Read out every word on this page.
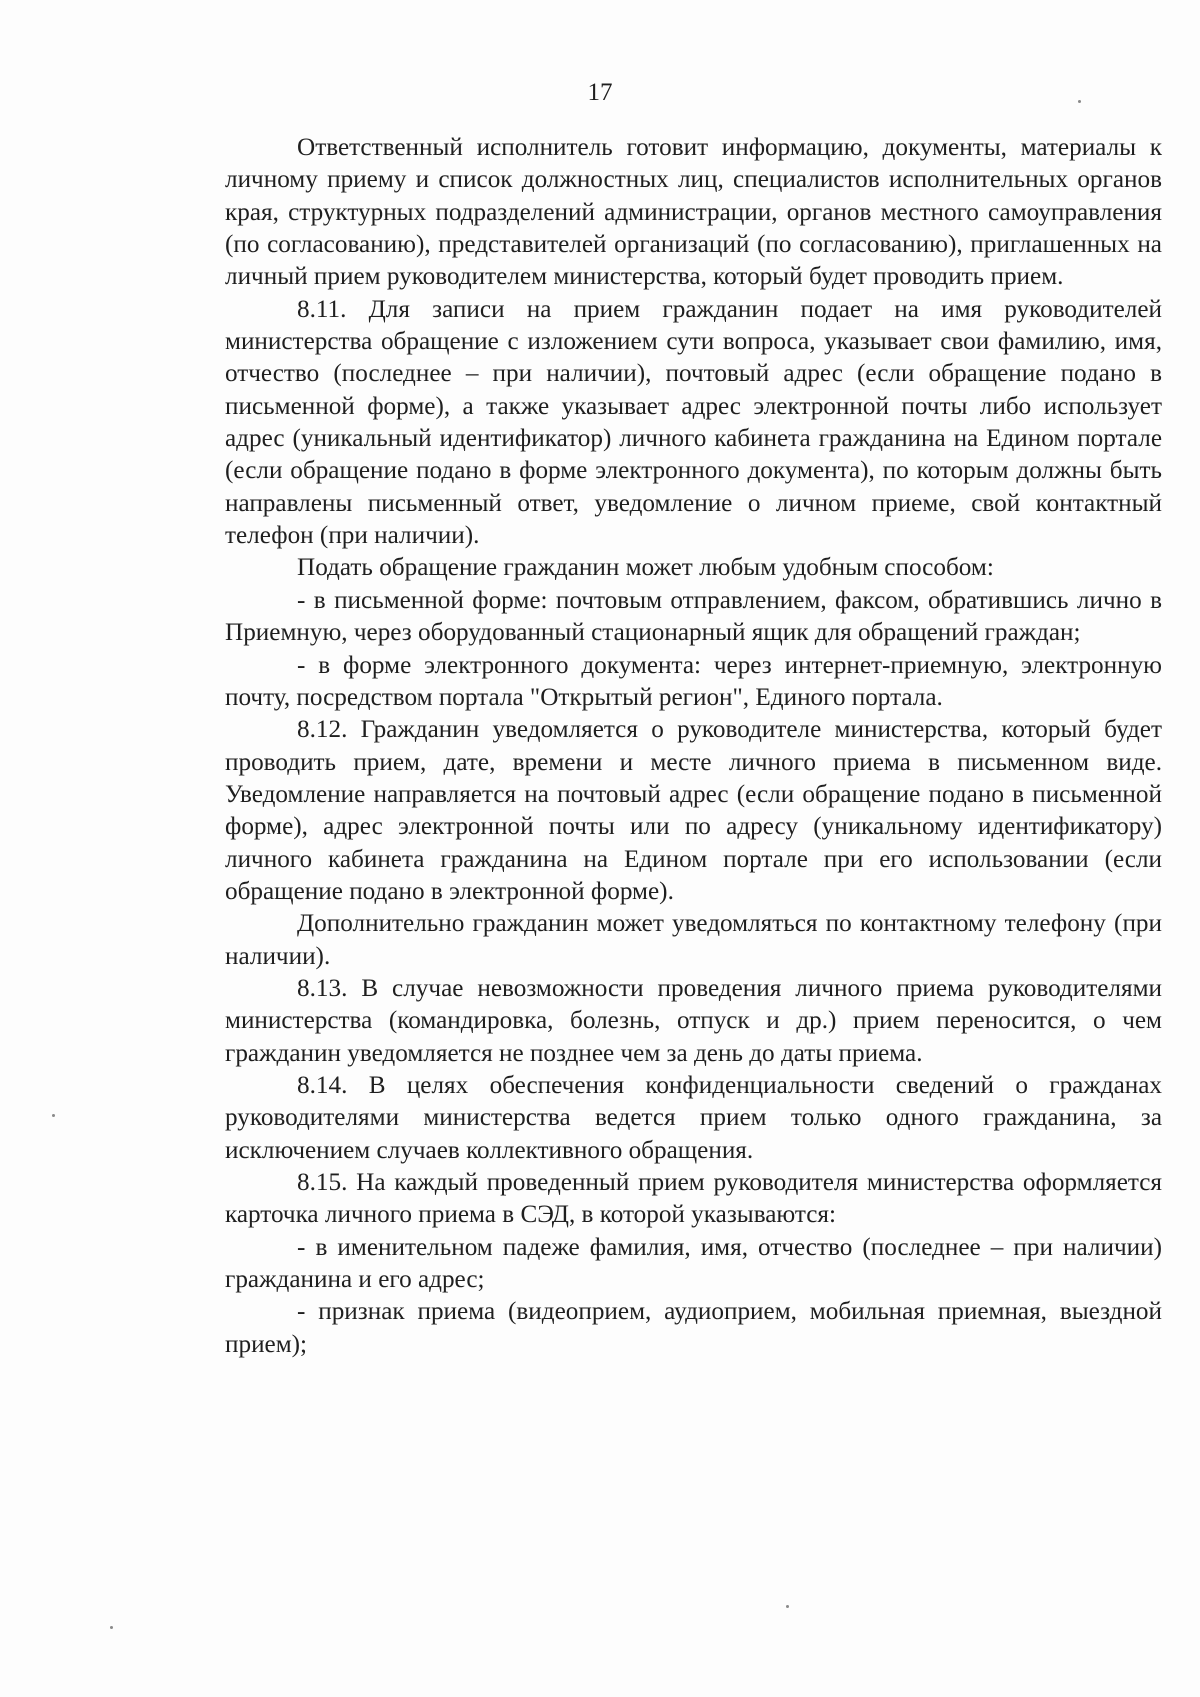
17

Ответственный исполнитель готовит информацию, документы, материалы к личному приему и список должностных лиц, специалистов исполнительных органов края, структурных подразделений администрации, органов местного самоуправления (по согласованию), представителей организаций (по согласованию), приглашенных на личный прием руководителем министерства, который будет проводить прием.

8.11. Для записи на прием гражданин подает на имя руководителей министерства обращение с изложением сути вопроса, указывает свои фамилию, имя, отчество (последнее – при наличии), почтовый адрес (если обращение подано в письменной форме), а также указывает адрес электронной почты либо использует адрес (уникальный идентификатор) личного кабинета гражданина на Едином портале (если обращение подано в форме электронного документа), по которым должны быть направлены письменный ответ, уведомление о личном приеме, свой контактный телефон (при наличии).

Подать обращение гражданин может любым удобным способом:

- в письменной форме: почтовым отправлением, факсом, обратившись лично в Приемную, через оборудованный стационарный ящик для обращений граждан;

- в форме электронного документа: через интернет-приемную, электронную почту, посредством портала "Открытый регион", Единого портала.

8.12. Гражданин уведомляется о руководителе министерства, который будет проводить прием, дате, времени и месте личного приема в письменном виде. Уведомление направляется на почтовый адрес (если обращение подано в письменной форме), адрес электронной почты или по адресу (уникальному идентификатору) личного кабинета гражданина на Едином портале при его использовании (если обращение подано в электронной форме).

Дополнительно гражданин может уведомляться по контактному телефону (при наличии).

8.13. В случае невозможности проведения личного приема руководителями министерства (командировка, болезнь, отпуск и др.) прием переносится, о чем гражданин уведомляется не позднее чем за день до даты приема.

8.14. В целях обеспечения конфиденциальности сведений о гражданах руководителями министерства ведется прием только одного гражданина, за исключением случаев коллективного обращения.

8.15. На каждый проведенный прием руководителя министерства оформляется карточка личного приема в СЭД, в которой указываются:

- в именительном падеже фамилия, имя, отчество (последнее – при наличии) гражданина и его адрес;

- признак приема (видеоприем, аудиоприем, мобильная приемная, выездной прием);
